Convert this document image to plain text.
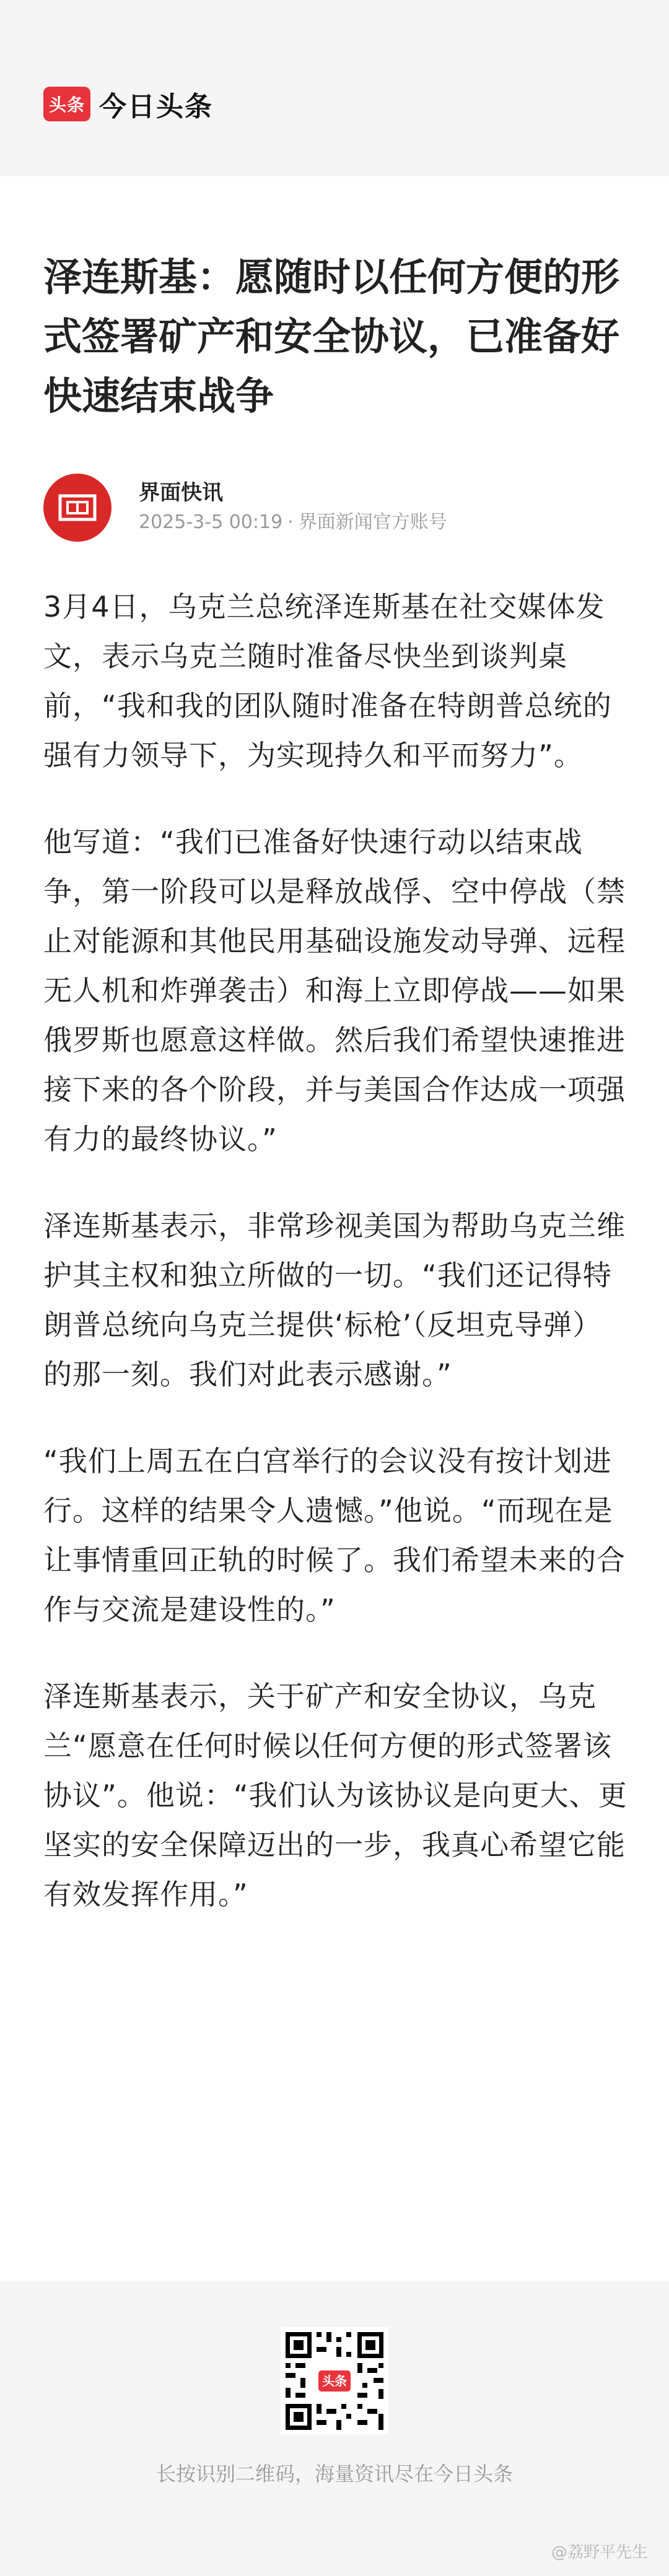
头条 今日头条
泽连斯基：愿随时以任何方便的形式签署矿产和安全协议，已准备好快速结束战争
界面快讯
2025-3-5 00:19 · 界面新闻官方账号

3月4日，乌克兰总统泽连斯基在社交媒体发文，表示乌克兰随时准备尽快坐到谈判桌前，“我和我的团队随时准备在特朗普总统的强有力领导下，为实现持久和平而努力”。

他写道：“我们已准备好快速行动以结束战争，第一阶段可以是释放战俘、空中停战（禁止对能源和其他民用基础设施发动导弹、远程无人机和炸弹袭击）和海上立即停战——如果俄罗斯也愿意这样做。然后我们希望快速推进接下来的各个阶段，并与美国合作达成一项强有力的最终协议。”

泽连斯基表示，非常珍视美国为帮助乌克兰维护其主权和独立所做的一切。“我们还记得特朗普总统向乌克兰提供‘标枪’（反坦克导弹）的那一刻。我们对此表示感谢。”

“我们上周五在白宫举行的会议没有按计划进行。这样的结果令人遗憾。”他说。“而现在是让事情重回正轨的时候了。我们希望未来的合作与交流是建设性的。”

泽连斯基表示，关于矿产和安全协议，乌克兰“愿意在任何时候以任何方便的形式签署该协议”。他说：“我们认为该协议是向更大、更坚实的安全保障迈出的一步，我真心希望它能有效发挥作用。”

头条
长按识别二维码，海量资讯尽在今日头条
@荔野平先生
